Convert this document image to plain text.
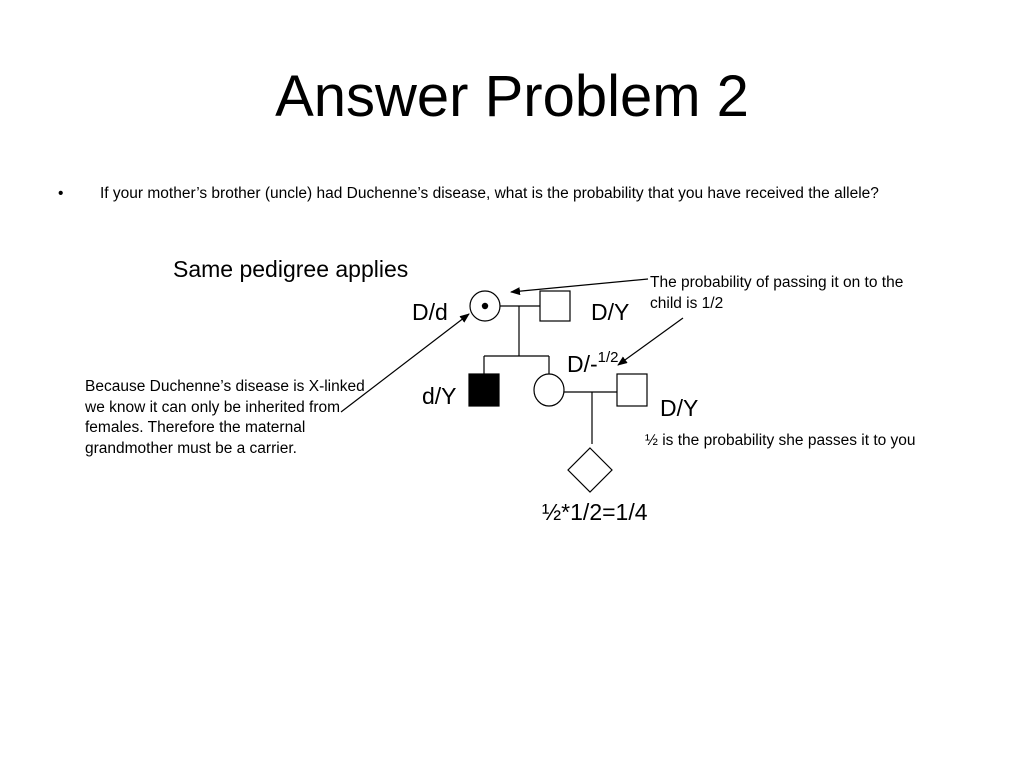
Answer Problem 2
• If your mother’s brother (uncle) had Duchenne’s disease, what is the probability that you have received the allele?
Same pedigree applies
D/d	D/Y
d/Y
D/-$^{1/2}$
D/Y
½*1/2=1/4
The probability of passing it on to the child is 1/2
Because Duchenne’s disease is X-linked we know it can only be inherited from females. Therefore the maternal grandmother must be a carrier.	½ is the probability she passes it to you
